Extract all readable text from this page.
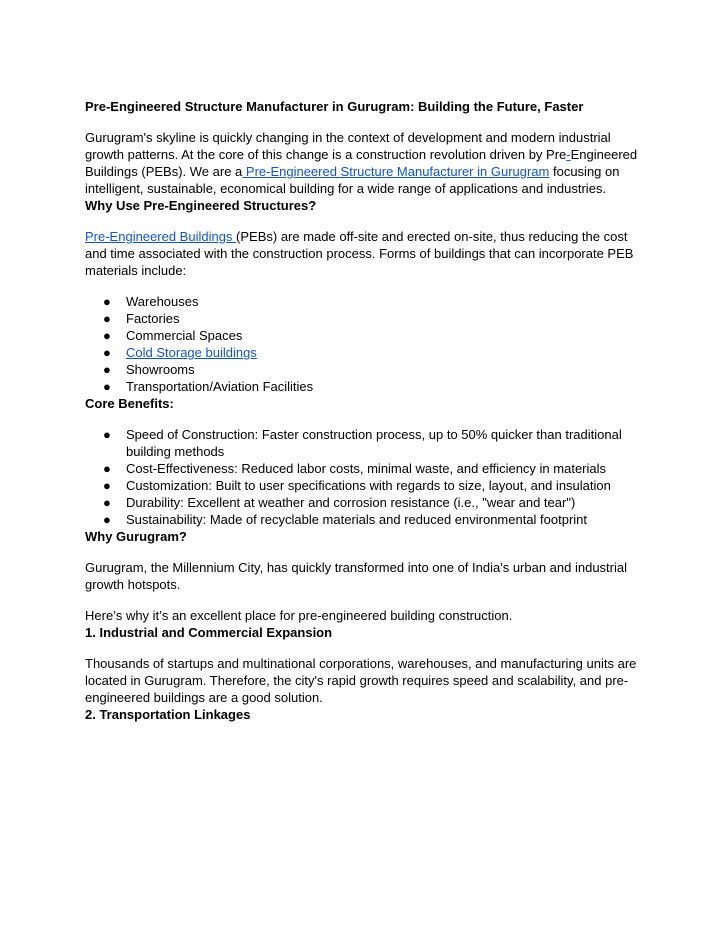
Pre-Engineered Structure Manufacturer in Gurugram: Building the Future, Faster

Gurugram's skyline is quickly changing in the context of development and modern industrial growth patterns. At the core of this change is a construction revolution driven by Pre-Engineered Buildings (PEBs). We are a Pre-Engineered Structure Manufacturer in Gurugram focusing on intelligent, sustainable, economical building for a wide range of applications and industries.

Why Use Pre-Engineered Structures?

Pre-Engineered Buildings (PEBs) are made off-site and erected on-site, thus reducing the cost and time associated with the construction process. Forms of buildings that can incorporate PEB materials include:

● Warehouses
● Factories
● Commercial Spaces
● Cold Storage buildings
● Showrooms
● Transportation/Aviation Facilities
Core Benefits:
● Speed of Construction: Faster construction process, up to 50% quicker than traditional building methods
● Cost-Effectiveness: Reduced labor costs, minimal waste, and efficiency in materials
● Customization: Built to user specifications with regards to size, layout, and insulation
● Durability: Excellent at weather and corrosion resistance (i.e., "wear and tear")
● Sustainability: Made of recyclable materials and reduced environmental footprint
Why Gurugram?

Gurugram, the Millennium City, has quickly transformed into one of India's urban and industrial growth hotspots.

Here’s why it’s an excellent place for pre-engineered building construction.

1. Industrial and Commercial Expansion

Thousands of startups and multinational corporations, warehouses, and manufacturing units are located in Gurugram. Therefore, the city's rapid growth requires speed and scalability, and pre-engineered buildings are a good solution.

2. Transportation Linkages
